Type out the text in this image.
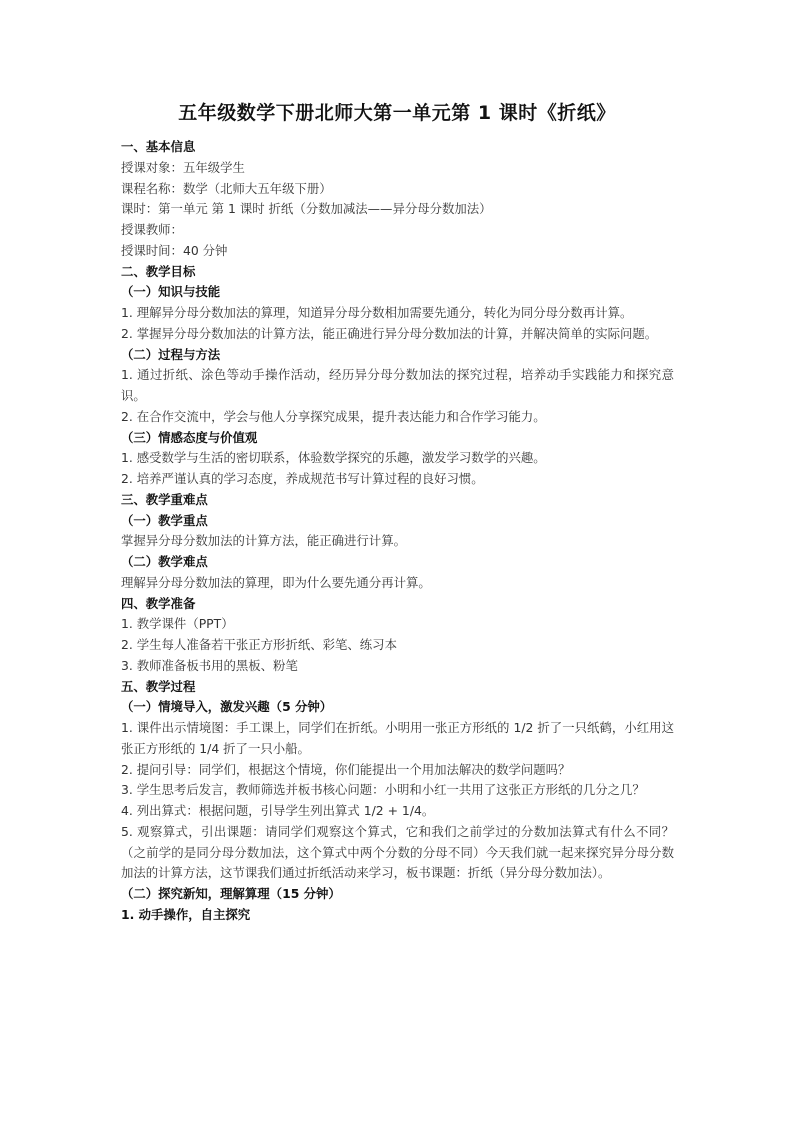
五年级数学下册北师大第一单元第 1 课时《折纸》

一、基本信息

授课对象：五年级学生

课程名称：数学（北师大五年级下册）

课时：第一单元 第 1 课时 折纸（分数加减法——异分母分数加法）

授课教师：

授课时间：40 分钟

二、教学目标

（一）知识与技能

1. 理解异分母分数加法的算理，知道异分母分数相加需要先通分，转化为同分母分数再计算。

2. 掌握异分母分数加法的计算方法，能正确进行异分母分数加法的计算，并解决简单的实际问题。

（二）过程与方法

1. 通过折纸、涂色等动手操作活动，经历异分母分数加法的探究过程，培养动手实践能力和探究意识。

2. 在合作交流中，学会与他人分享探究成果，提升表达能力和合作学习能力。

（三）情感态度与价值观

1. 感受数学与生活的密切联系，体验数学探究的乐趣，激发学习数学的兴趣。

2. 培养严谨认真的学习态度，养成规范书写计算过程的良好习惯。

三、教学重难点

（一）教学重点

掌握异分母分数加法的计算方法，能正确进行计算。

（二）教学难点

理解异分母分数加法的算理，即为什么要先通分再计算。

四、教学准备

1. 教学课件（PPT）

2. 学生每人准备若干张正方形折纸、彩笔、练习本

3. 教师准备板书用的黑板、粉笔

五、教学过程

（一）情境导入，激发兴趣（5 分钟）

1. 课件出示情境图：手工课上，同学们在折纸。小明用一张正方形纸的 1/2 折了一只纸鹤，小红用这张正方形纸的 1/4 折了一只小船。

2. 提问引导：同学们，根据这个情境，你们能提出一个用加法解决的数学问题吗？

3. 学生思考后发言，教师筛选并板书核心问题：小明和小红一共用了这张正方形纸的几分之几？

4. 列出算式：根据问题，引导学生列出算式 1/2 + 1/4。

5. 观察算式，引出课题：请同学们观察这个算式，它和我们之前学过的分数加法算式有什么不同？（之前学的是同分母分数加法，这个算式中两个分数的分母不同）今天我们就一起来探究异分母分数加法的计算方法，这节课我们通过折纸活动来学习，板书课题：折纸（异分母分数加法）。

（二）探究新知，理解算理（15 分钟）

1. 动手操作，自主探究
